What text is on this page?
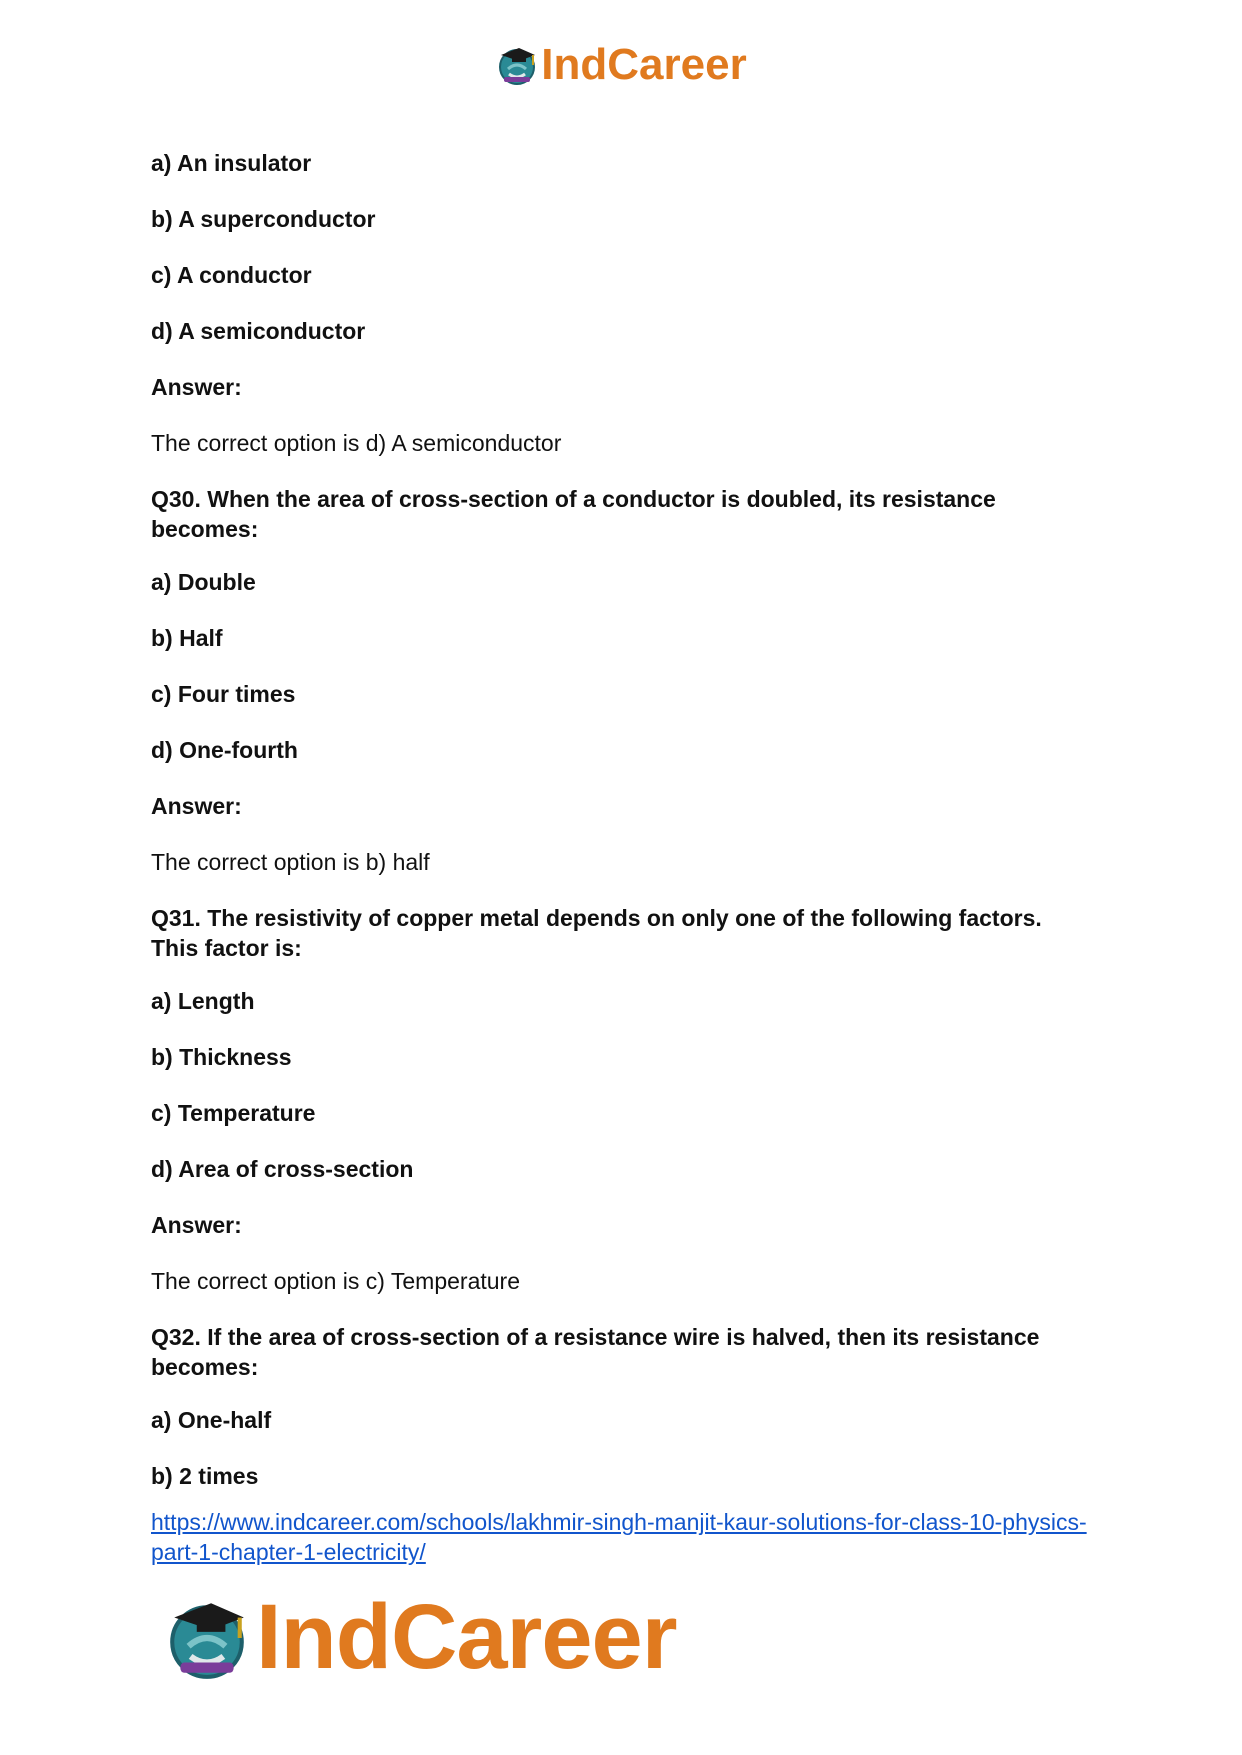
IndCareer

a) An insulator

b) A superconductor

c) A conductor

d) A semiconductor

Answer:

The correct option is d) A semiconductor

Q30. When the area of cross-section of a conductor is doubled, its resistance becomes:

a) Double

b) Half

c) Four times

d) One-fourth

Answer:

The correct option is b) half

Q31. The resistivity of copper metal depends on only one of the following factors. This factor is:

a) Length

b) Thickness

c) Temperature

d) Area of cross-section

Answer:

The correct option is c) Temperature

Q32. If the area of cross-section of a resistance wire is halved, then its resistance becomes:

a) One-half

b) 2 times

https://www.indcareer.com/schools/lakhmir-singh-manjit-kaur-solutions-for-class-10-physics-part-1-chapter-1-electricity/
IndCareer
